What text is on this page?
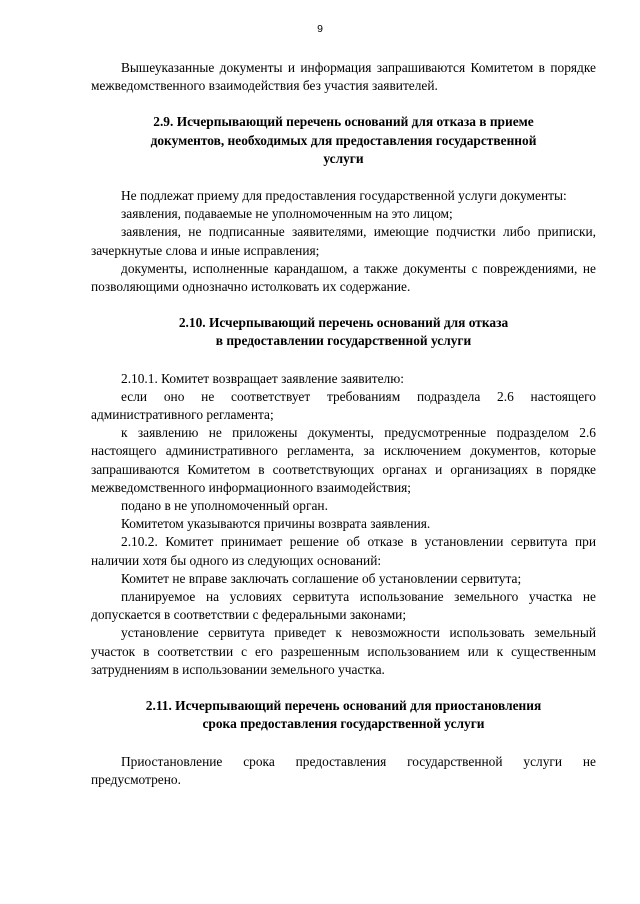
9

Вышеуказанные документы и информация запрашиваются Комитетом в порядке межведомственного взаимодействия без участия заявителей.

2.9. Исчерпывающий перечень оснований для отказа в приеме
документов, необходимых для предоставления государственной
услуги

Не подлежат приему для предоставления государственной услуги документы:

заявления, подаваемые не уполномоченным на это лицом;

заявления, не подписанные заявителями, имеющие подчистки либо приписки, зачеркнутые слова и иные исправления;

документы, исполненные карандашом, а также документы с повреждениями, не позволяющими однозначно истолковать их содержание.

2.10. Исчерпывающий перечень оснований для отказа
в предоставлении государственной услуги

2.10.1. Комитет возвращает заявление заявителю:

если оно не соответствует требованиям подраздела 2.6 настоящего административного регламента;

к заявлению не приложены документы, предусмотренные подразделом 2.6 настоящего административного регламента, за исключением документов, которые запрашиваются Комитетом в соответствующих органах и организациях в порядке межведомственного информационного взаимодействия;

подано в не уполномоченный орган.

Комитетом указываются причины возврата заявления.

2.10.2. Комитет принимает решение об отказе в установлении сервитута при наличии хотя бы одного из следующих оснований:

Комитет не вправе заключать соглашение об установлении сервитута;

планируемое на условиях сервитута использование земельного участка не допускается в соответствии с федеральными законами;

установление сервитута приведет к невозможности использовать земельный участок в соответствии с его разрешенным использованием или к существенным затруднениям в использовании земельного участка.

2.11. Исчерпывающий перечень оснований для приостановления
срока предоставления государственной услуги

Приостановление срока предоставления государственной услуги не предусмотрено.
